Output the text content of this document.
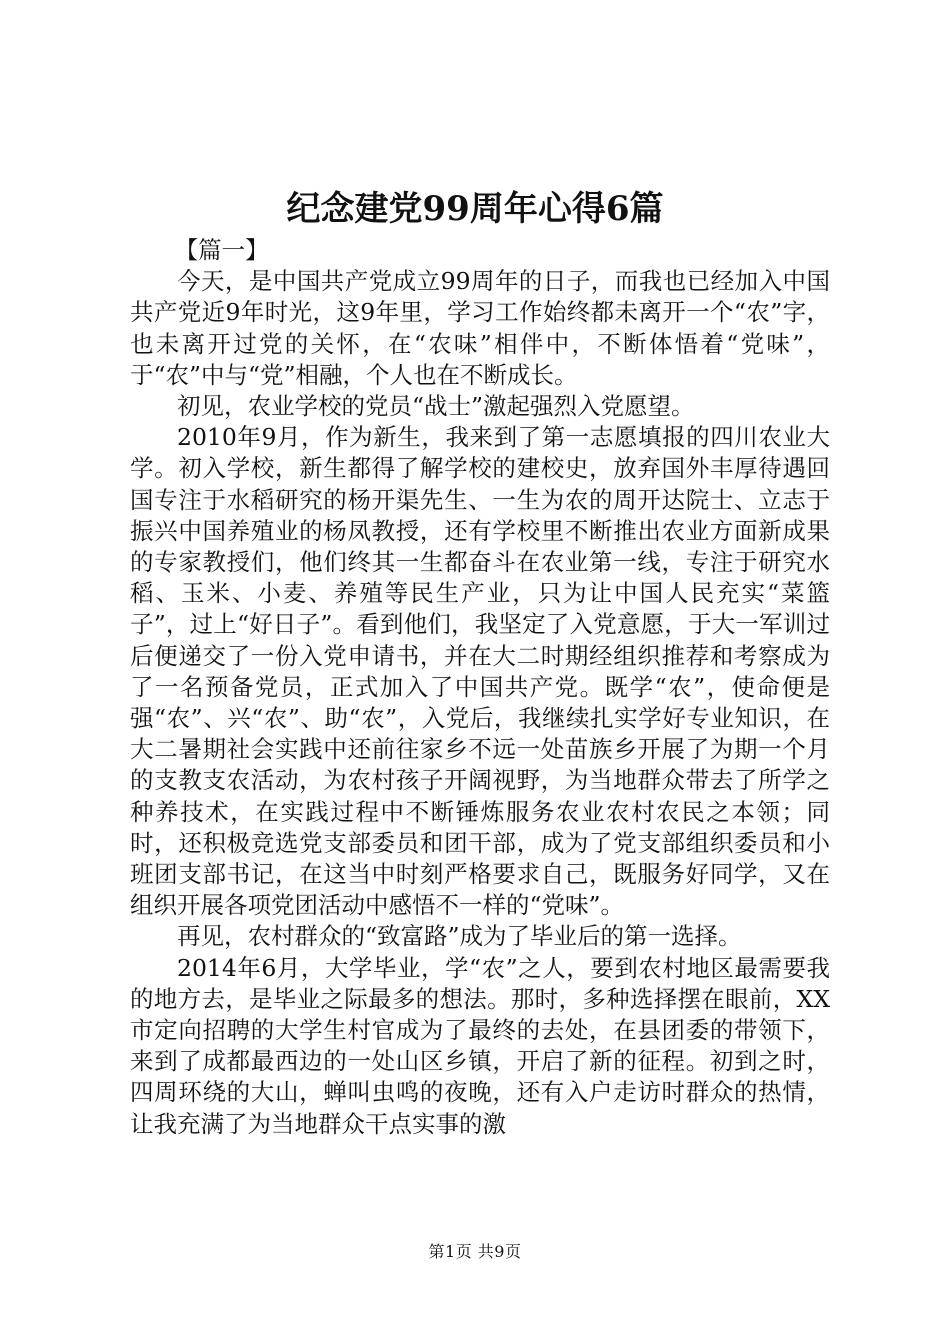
纪念建党99周年心得6篇

【篇一】

今天，是中国共产党成立99周年的日子，而我也已经加入中国共产党近9年时光，这9年里，学习工作始终都未离开一个“农”字，也未离开过党的关怀，在“农味”相伴中，不断体悟着“党味”，于“农”中与“党”相融，个人也在不断成长。

初见，农业学校的党员“战士”激起强烈入党愿望。

2010年9月，作为新生，我来到了第一志愿填报的四川农业大学。初入学校，新生都得了解学校的建校史，放弃国外丰厚待遇回国专注于水稻研究的杨开渠先生、一生为农的周开达院士、立志于振兴中国养殖业的杨凤教授，还有学校里不断推出农业方面新成果的专家教授们，他们终其一生都奋斗在农业第一线，专注于研究水稻、玉米、小麦、养殖等民生产业，只为让中国人民充实“菜篮子”，过上“好日子”。看到他们，我坚定了入党意愿，于大一军训过后便递交了一份入党申请书，并在大二时期经组织推荐和考察成为了一名预备党员，正式加入了中国共产党。既学“农”，使命便是强“农”、兴“农”、助“农”，入党后，我继续扎实学好专业知识，在大二暑期社会实践中还前往家乡不远一处苗族乡开展了为期一个月的支教支农活动，为农村孩子开阔视野，为当地群众带去了所学之种养技术，在实践过程中不断锤炼服务农业农村农民之本领；同时，还积极竞选党支部委员和团干部，成为了党支部组织委员和小班团支部书记，在这当中时刻严格要求自己，既服务好同学，又在组织开展各项党团活动中感悟不一样的“党味”。

再见，农村群众的“致富路”成为了毕业后的第一选择。

2014年6月，大学毕业，学“农”之人，要到农村地区最需要我的地方去，是毕业之际最多的想法。那时，多种选择摆在眼前，XX市定向招聘的大学生村官成为了最终的去处，在县团委的带领下，来到了成都最西边的一处山区乡镇，开启了新的征程。初到之时，四周环绕的大山，蝉叫虫鸣的夜晚，还有入户走访时群众的热情，让我充满了为当地群众干点实事的激

第1页 共9页
